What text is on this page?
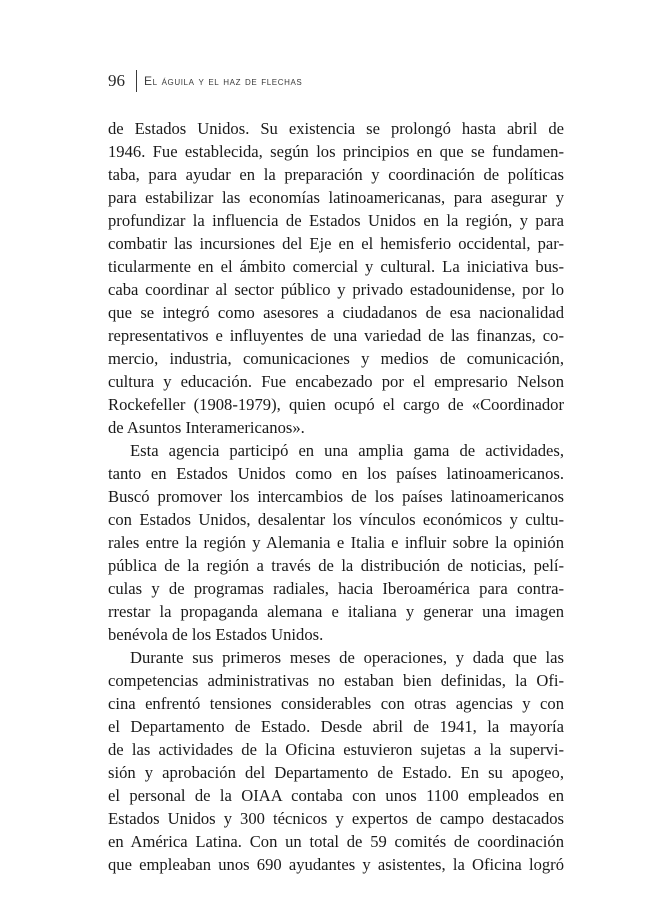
96 El águila y el haz de flechas
de Estados Unidos. Su existencia se prolongó hasta abril de
1946. Fue establecida, según los principios en que se fundamen-
taba, para ayudar en la preparación y coordinación de políticas
para estabilizar las economías latinoamericanas, para asegurar y
profundizar la influencia de Estados Unidos en la región, y para
combatir las incursiones del Eje en el hemisferio occidental, par-
ticularmente en el ámbito comercial y cultural. La iniciativa bus-
caba coordinar al sector público y privado estadounidense, por lo
que se integró como asesores a ciudadanos de esa nacionalidad
representativos e influyentes de una variedad de las finanzas, co-
mercio, industria, comunicaciones y medios de comunicación,
cultura y educación. Fue encabezado por el empresario Nelson
Rockefeller (1908-1979), quien ocupó el cargo de «Coordinador
de Asuntos Interamericanos».
Esta agencia participó en una amplia gama de actividades,
tanto en Estados Unidos como en los países latinoamericanos.
Buscó promover los intercambios de los países latinoamericanos
con Estados Unidos, desalentar los vínculos económicos y cultu-
rales entre la región y Alemania e Italia e influir sobre la opinión
pública de la región a través de la distribución de noticias, pelí-
culas y de programas radiales, hacia Iberoamérica para contra-
rrestar la propaganda alemana e italiana y generar una imagen
benévola de los Estados Unidos.
Durante sus primeros meses de operaciones, y dada que las
competencias administrativas no estaban bien definidas, la Ofi-
cina enfrentó tensiones considerables con otras agencias y con
el Departamento de Estado. Desde abril de 1941, la mayoría
de las actividades de la Oficina estuvieron sujetas a la supervi-
sión y aprobación del Departamento de Estado. En su apogeo,
el personal de la OIAA contaba con unos 1100 empleados en
Estados Unidos y 300 técnicos y expertos de campo destacados
en América Latina. Con un total de 59 comités de coordinación
que empleaban unos 690 ayudantes y asistentes, la Oficina logró
